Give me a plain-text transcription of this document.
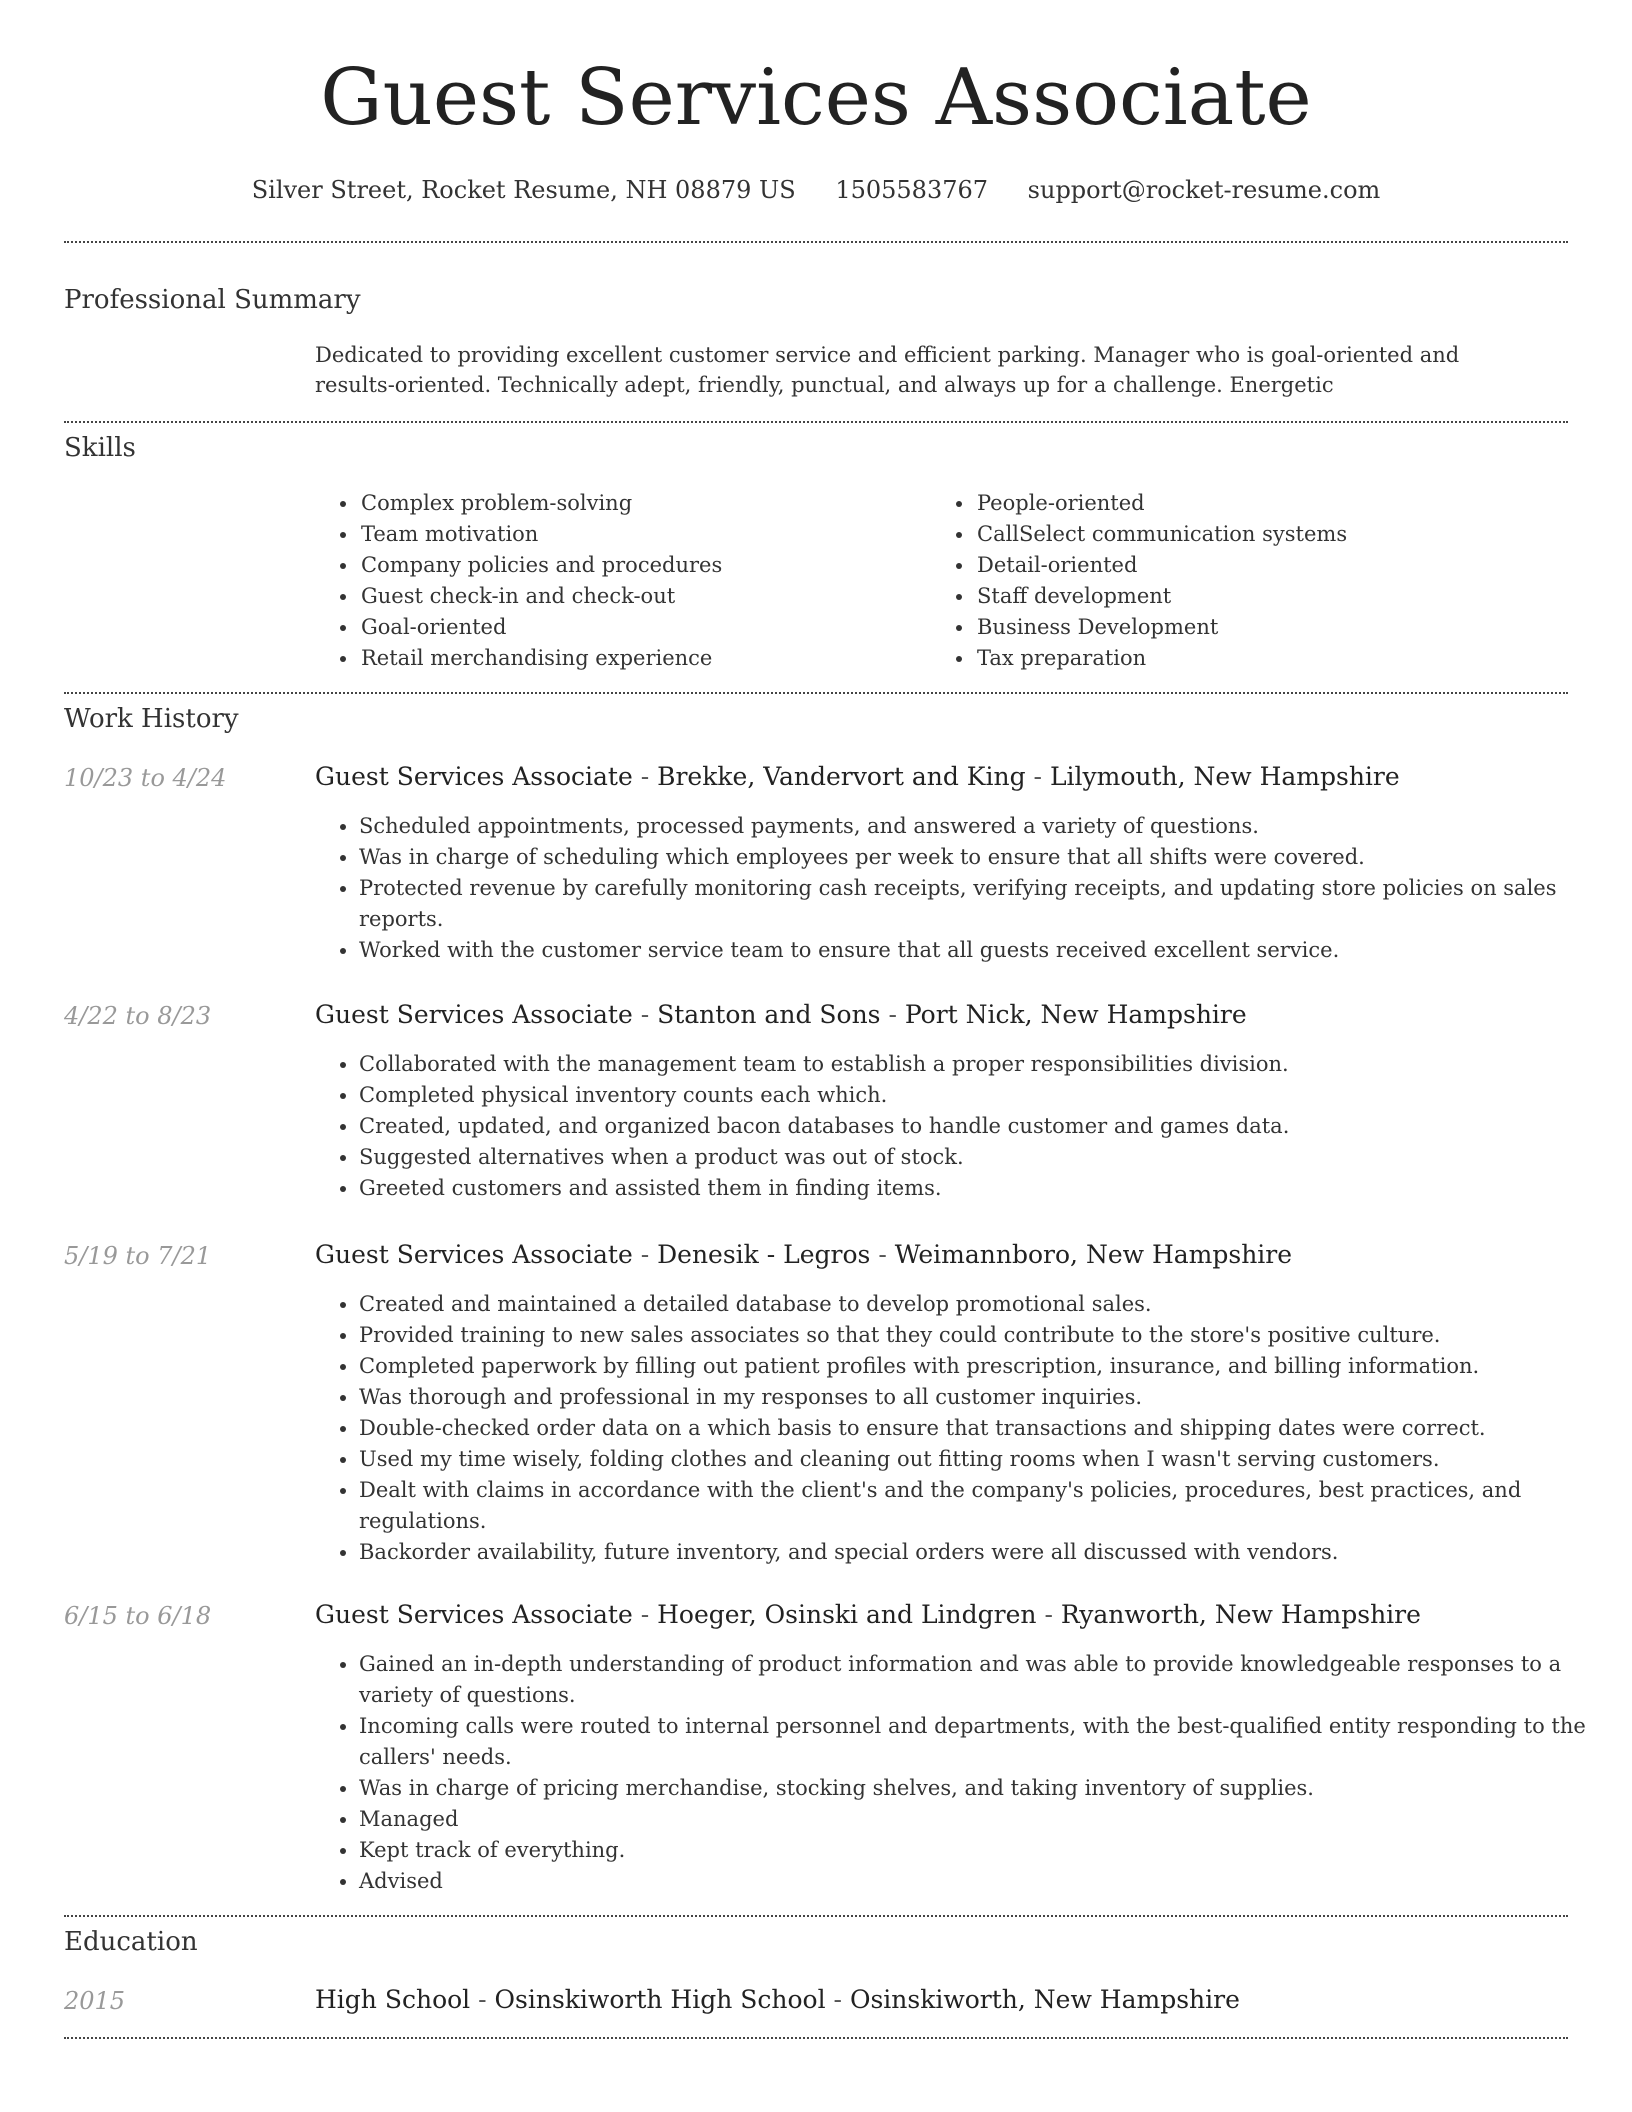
Guest Services Associate
Silver Street, Rocket Resume, NH 08879 US 1505583767 support@rocket-resume.com
Professional Summary

Dedicated to providing excellent customer service and efficient parking. Manager who is goal-oriented and results-oriented. Technically adept, friendly, punctual, and always up for a challenge. Energetic

Skills
• Complex problem-solving
• Team motivation
• Company policies and procedures
• Guest check-in and check-out
• Goal-oriented
• Retail merchandising experience
• People-oriented
• CallSelect communication systems
• Detail-oriented
• Staff development
• Business Development
• Tax preparation
Work History
10/23 to 4/24	Guest Services Associate - Brekke, Vandervort and King - Lilymouth, New Hampshire
• Scheduled appointments, processed payments, and answered a variety of questions.
• Was in charge of scheduling which employees per week to ensure that all shifts were covered.
• Protected revenue by carefully monitoring cash receipts, verifying receipts, and updating store policies on sales reports.
• Worked with the customer service team to ensure that all guests received excellent service.
4/22 to 8/23	Guest Services Associate - Stanton and Sons - Port Nick, New Hampshire
• Collaborated with the management team to establish a proper responsibilities division.
• Completed physical inventory counts each which.
• Created, updated, and organized bacon databases to handle customer and games data.
• Suggested alternatives when a product was out of stock.
• Greeted customers and assisted them in finding items.
5/19 to 7/21	Guest Services Associate - Denesik - Legros - Weimannboro, New Hampshire
• Created and maintained a detailed database to develop promotional sales.
• Provided training to new sales associates so that they could contribute to the store's positive culture.
• Completed paperwork by filling out patient profiles with prescription, insurance, and billing information.
• Was thorough and professional in my responses to all customer inquiries.
• Double-checked order data on a which basis to ensure that transactions and shipping dates were correct.
• Used my time wisely, folding clothes and cleaning out fitting rooms when I wasn't serving customers.
• Dealt with claims in accordance with the client's and the company's policies, procedures, best practices, and regulations.
• Backorder availability, future inventory, and special orders were all discussed with vendors.
6/15 to 6/18	Guest Services Associate - Hoeger, Osinski and Lindgren - Ryanworth, New Hampshire
• Gained an in-depth understanding of product information and was able to provide knowledgeable responses to a variety of questions.
• Incoming calls were routed to internal personnel and departments, with the best-qualified entity responding to the callers' needs.
• Was in charge of pricing merchandise, stocking shelves, and taking inventory of supplies.
• Managed
• Kept track of everything.
• Advised
Education
2015	High School - Osinskiworth High School - Osinskiworth, New Hampshire
